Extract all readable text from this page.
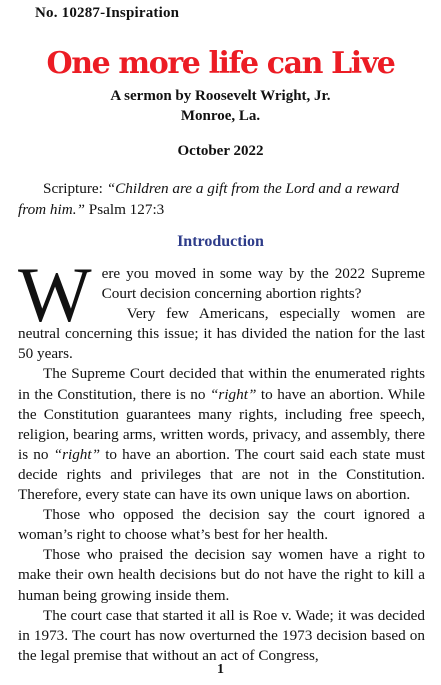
No. 10287-Inspiration
One more life can Live
A sermon by Roosevelt Wright, Jr.
Monroe, La.
October 2022
Scripture: “Children are a gift from the Lord and a reward from him.” Psalm 127:3
Introduction

Were you moved in some way by the 2022 Supreme Court decision concerning abortion rights?

Very few Americans, especially women are neutral concerning this issue; it has divided the nation for the last 50 years.

The Supreme Court decided that within the enumerated rights in the Constitution, there is no “right” to have an abortion. While the Constitution guarantees many rights, including free speech, religion, bearing arms, written words, privacy, and assembly, there is no “right” to have an abortion. The court said each state must decide rights and privileges that are not in the Constitution. Therefore, every state can have its own unique laws on abortion.

Those who opposed the decision say the court ignored a woman’s right to choose what’s best for her health.

Those who praised the decision say women have a right to make their own health decisions but do not have the right to kill a human being growing inside them.

The court case that started it all is Roe v. Wade; it was decided in 1973. The court has now overturned the 1973 decision based on the legal premise that without an act of Congress,

1
